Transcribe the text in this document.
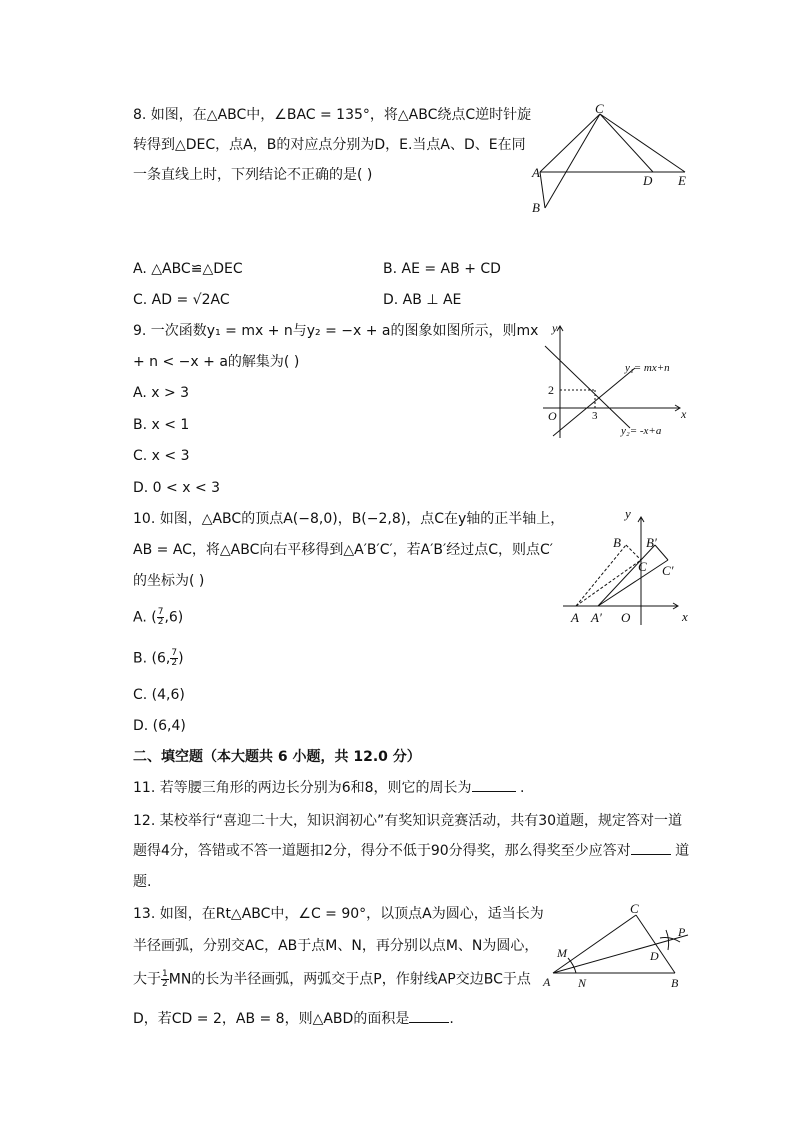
8. 如图，在△ABC中，∠BAC = 135°，将△ABC绕点C逆时针旋
转得到△DEC，点A，B的对应点分别为D，E.当点A、D、E在同
一条直线上时，下列结论不正确的是( )
C
A
D E
B
A. △ABC≌△DEC	B. AE = AB + CD
C. AD = √2AC	D. AB ⊥ AE
9. 一次函数y₁ = mx + n与y₂ = −x + a的图象如图所示，则mx
+ n < −x + a的解集为( )
y
x
O
2
3
y₁= mx+n
y₂= -x+a
A. x > 3
B. x < 1
C. x < 3
D. 0 < x < 3
10. 如图，△ABC的顶点A(−8,0)，B(−2,8)，点C在y轴的正半轴上，
AB = AC，将△ABC向右平移得到△A′B′C′，若A′B′经过点C，则点C′
的坐标为( )
y
x
B B′
C C′
A A′ O
A. ( $\frac{7}{2} ,6$)
B. (6, $\frac{7}{2}$ )
C. (4,6)
D. (6,4)
二、填空题（本大题共 6 小题，共 12.0 分）
11. 若等腰三角形的两边长分别为6和8，则它的周长为	.
12. 某校举行“喜迎二十大，知识润初心”有奖知识竞赛活动，共有30道题，规定答对一道
题得4分，答错或不答一道题扣2分，得分不低于90分得奖，那么得奖至少应答对	道
题.
13. 如图，在Rt△ABC中，∠C = 90°，以顶点A为圆心，适当长为
半径画弧，分别交AC，AB于点M、N，再分别以点M、N为圆心，
大于 $\frac{1}{2}$ MN的长为半径画弧，两弧交于点P，作射线AP交边BC于点
D，若CD = 2，AB = 8，则△ABD的面积是	.
C
P
M	D
A N	B
